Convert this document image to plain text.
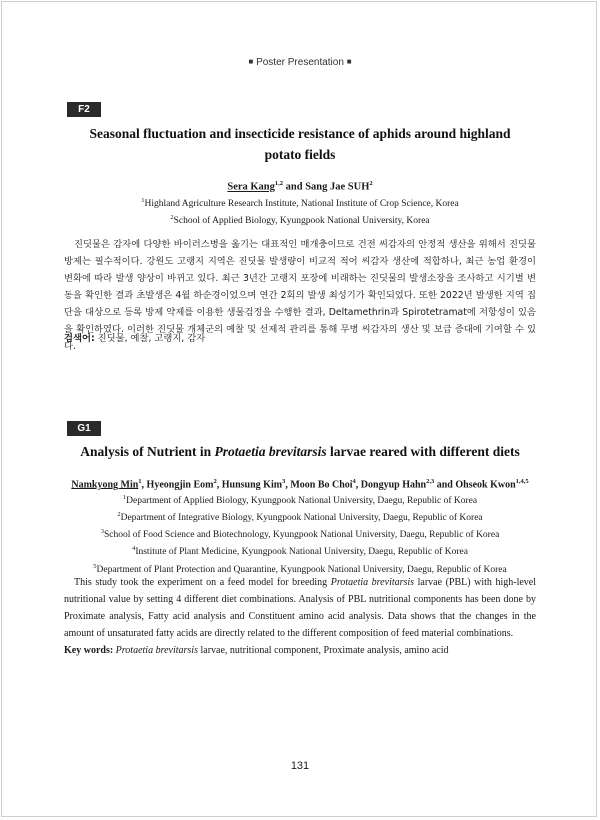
■ Poster Presentation ■
F2
Seasonal fluctuation and insecticide resistance of aphids around highland
potato fields
Sera Kang$^{1,2}$ and Sang Jae SUH$^2$
$^1$Highland Agriculture Research Institute, National Institute of Crop Science, Korea
$^2$School of Applied Biology, Kyungpook National University, Korea

진딧물은 감자에 다양한 바이러스병을 옮기는 대표적인 매개충이므로 건전 씨감자의 안정적 생산을 위해서 진딧물 방제는 필수적이다. 강원도 고랭지 지역은 진딧물 발생량이 비교적 적어 씨감자 생산에 적합하나, 최근 농업 환경이 변화에 따라 발생 양상이 바뀌고 있다. 최근 3년간 고랭지 포장에 비래하는 진딧물의 발생소장을 조사하고 시기별 변동을 확인한 결과 초발생은 4월 하순경이었으며 연간 2회의 발생 최성기가 확인되었다. 또한 2022년 발생한 지역 집단을 대상으로 등록 방제 약제를 이용한 생물검정을 수행한 결과, Deltamethrin과 Spirotetramat에 저항성이 있음을 확인하였다. 이러한 진딧물 개체군의 예찰 및 선제적 관리를 통해 무병 씨감자의 생산 및 보급 증대에 기여할 수 있다.

검색어: 진딧물, 예찰, 고랭지, 감자
G1
Analysis of Nutrient in Protaetia brevitarsis larvae reared with different diets
Namkyong Min$^1$, Hyeongjin Eom$^2$, Hunsung Kim$^3$, Moon Bo Choi$^4$, Dongyup Hahn$^{2,3}$ and Ohseok Kwon$^{1,4,5}$
$^1$Department of Applied Biology, Kyungpook National University, Daegu, Republic of Korea
$^2$Department of Integrative Biology, Kyungpook National University, Daegu, Republic of Korea
$^3$School of Food Science and Biotechnology, Kyungpook National University, Daegu, Republic of Korea
$^4$Institute of Plant Medicine, Kyungpook National University, Daegu, Republic of Korea
$^5$Department of Plant Protection and Quarantine, Kyungpook National University, Daegu, Republic of Korea

This study took the experiment on a feed model for breeding Protaetia brevitarsis larvae (PBL) with high-level nutritional value by setting 4 different diet combinations. Analysis of PBL nutritional components has been done by Proximate analysis, Fatty acid analysis and Constituent amino acid analysis. Data shows that the changes in the amount of unsaturated fatty acids are directly related to the different composition of feed material combinations.

Key words: Protaetia brevitarsis larvae, nutritional component, Proximate analysis, amino acid
131
